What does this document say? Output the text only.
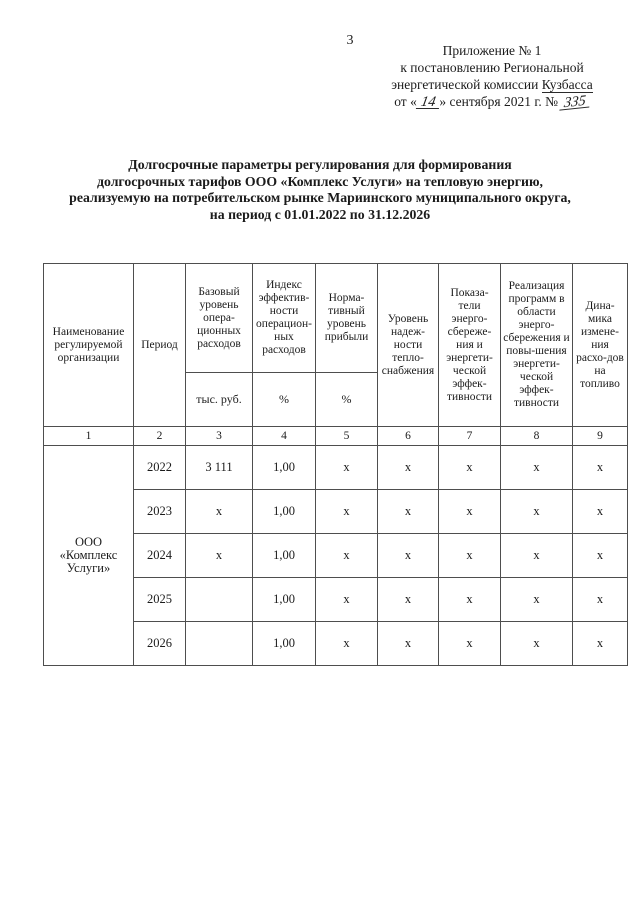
3
Приложение № 1
к постановлению Региональной
энергетической комиссии Кузбасса
от « 14 » сентября 2021 г. № 335
Долгосрочные параметры регулирования для формирования
долгосрочных тарифов ООО «Комплекс Услуги» на тепловую энергию,
реализуемую на потребительском рынке Мариинского муниципального округа,
на период с 01.01.2022 по 31.12.2026
Наименование регулируемой организации	Период	Базовый уровень опера-ционных расходов	Индекс эффектив-ности операцион-ных расходов	Норма-тивный уровень прибыли	Уровень надеж-ности тепло-снабжения	Показа-тели энерго-сбереже-ния и энергети-ческой эффек-тивности	Реализация программ в области энерго-сбережения и повы-шения энергети-ческой эффек-тивности	Дина-мика измене-ния расхо-дов на топливо
		тыс. руб.	%	%				
1	2	3	4	5	6	7	8	9
ООО «Комплекс Услуги»	2022	3 111	1,00	x	x	x	x	x
	2023	x	1,00	x	x	x	x	x
	2024	x	1,00	x	x	x	x	x
	2025		1,00	x	x	x	x	x
	2026		1,00	x	x	x	x	x
